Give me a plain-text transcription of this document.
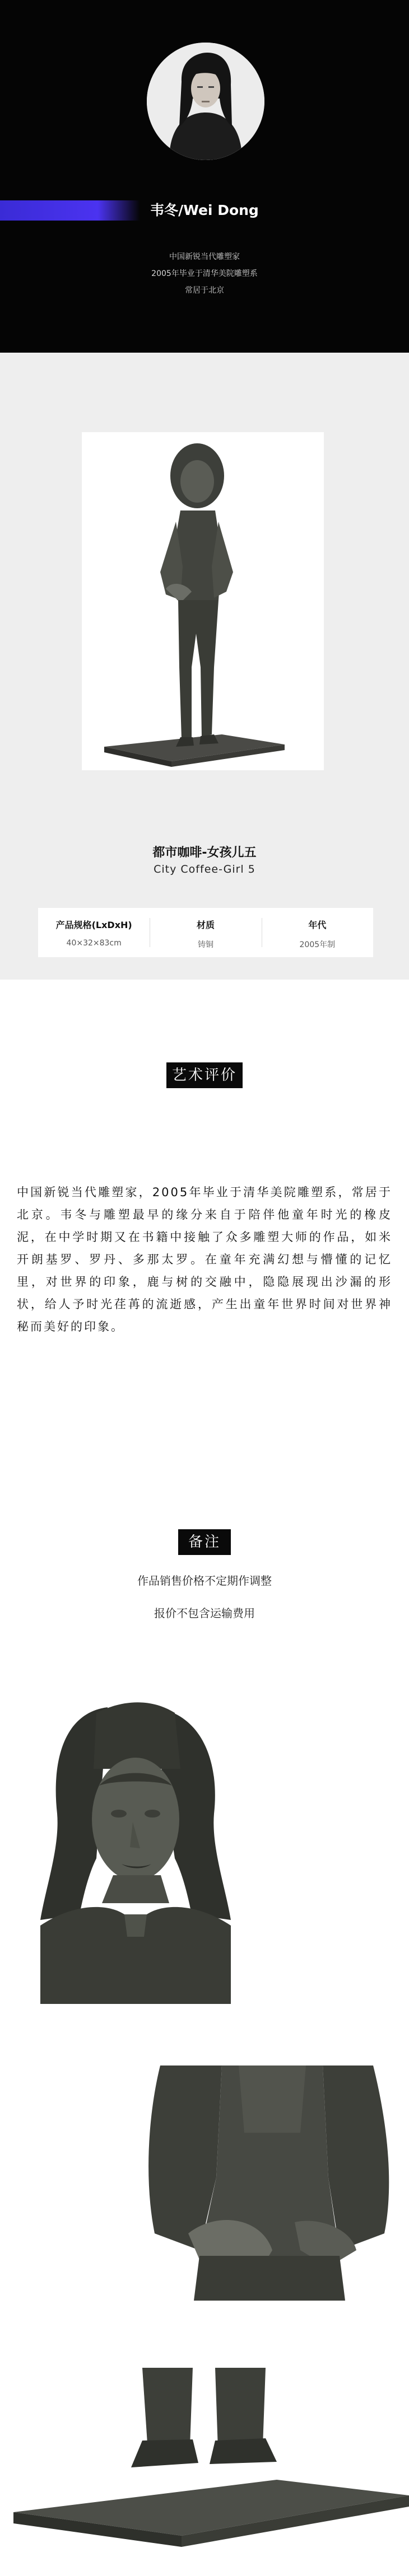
韦冬/Wei Dong
中国新锐当代雕塑家
2005年毕业于清华美院雕塑系
常居于北京
都市咖啡-女孩儿五
City Coffee-Girl 5
产品规格(LxDxH)
40×32×83cm
材质
铸铜
年代
2005年制
艺术评价
中国新锐当代雕塑家，2005年毕业于清华美院雕塑系，常居于北京。韦冬与雕塑最早的缘分来自于陪伴他童年时光的橡皮泥，在中学时期又在书籍中接触了众多雕塑大师的作品，如米开朗基罗、罗丹、多那太罗。在童年充满幻想与懵懂的记忆里，对世界的印象，鹿与树的交融中，隐隐展现出沙漏的形状，给人予时光荏苒的流逝感，产生出童年世界时间对世界神秘而美好的印象。
备注
作品销售价格不定期作调整
报价不包含运输费用
